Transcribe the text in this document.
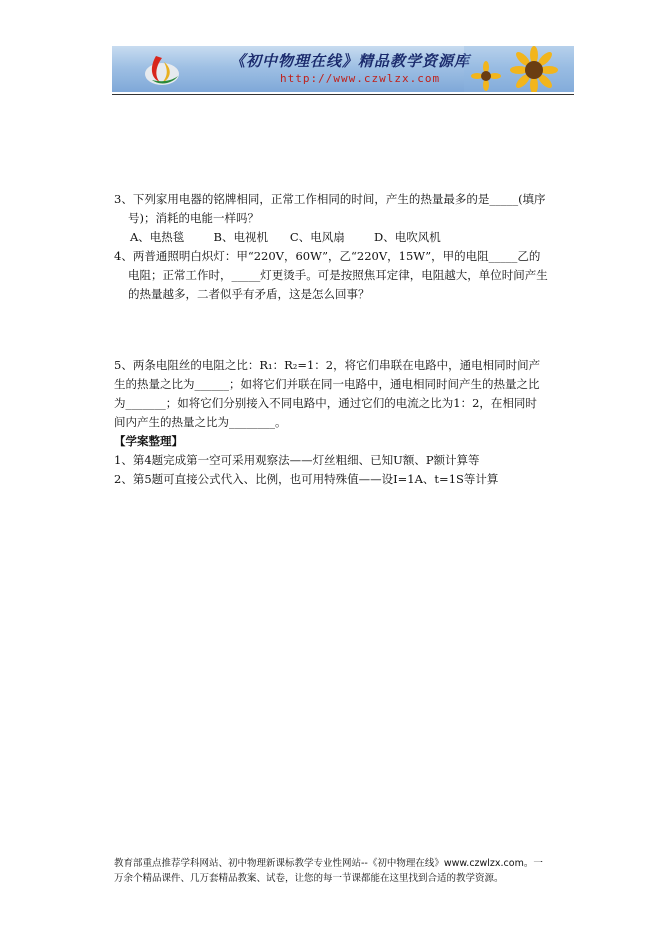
《初中物理在线》精品教学资源库
http://www.czwlzx.com

3、下列家用电器的铭牌相同，正常工作相同的时间，产生的热量最多的是_____(填序
号)；消耗的电能一样吗？

A、电热毯        B、电视机      C、电风扇        D、电吹风机

4、两普通照明白炽灯：甲“220V，60W”，乙“220V，15W”，甲的电阻_____乙的
电阻；正常工作时，_____灯更烫手。可是按照焦耳定律，电阻越大，单位时间产生
的热量越多，二者似乎有矛盾，这是怎么回事？

5、两条电阻丝的电阻之比：R₁：R₂=1：2，将它们串联在电路中，通电相同时间产
生的热量之比为______；如将它们并联在同一电路中，通电相同时间产生的热量之比
为_______；如将它们分别接入不同电路中，通过它们的电流之比为1：2，在相同时
间内产生的热量之比为________。

【学案整理】
1、第4题完成第一空可采用观察法——灯丝粗细、已知U额、P额计算等
2、第5题可直接公式代入、比例，也可用特殊值——设I=1A、t=1S等计算
教育部重点推荐学科网站、初中物理新课标教学专业性网站--《初中物理在线》www.czwlzx.com。一
万余个精品课件、几万套精品教案、试卷，让您的每一节课都能在这里找到合适的教学资源。
